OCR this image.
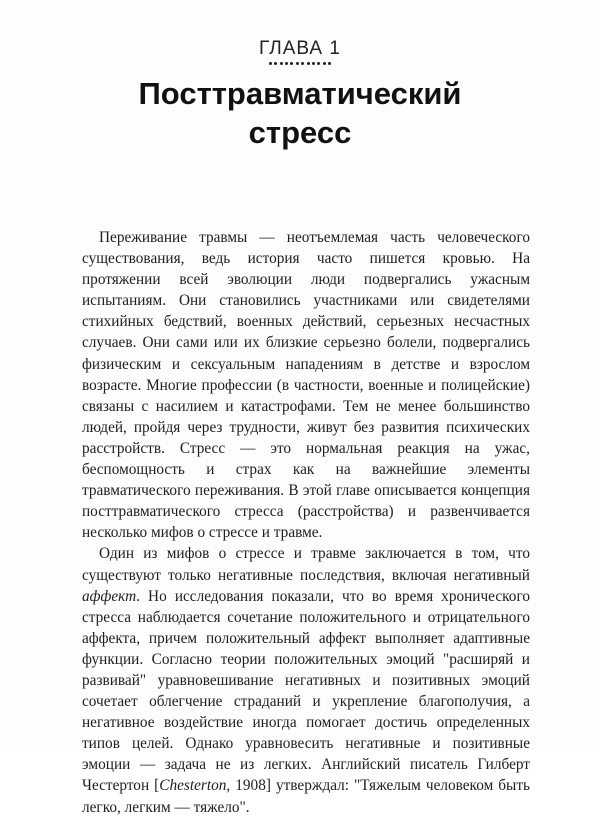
ГЛАВА 1
Посттравматический
стресс

Переживание травмы — неотъемлемая часть человеческого существования, ведь история часто пишется кровью. На протяжении всей эволюции люди подвергались ужасным испытаниям. Они становились участниками или свидетелями стихийных бедствий, военных действий, серьезных несчастных случаев. Они сами или их близкие серьезно болели, подвергались физическим и сексуальным нападениям в детстве и взрослом возрасте. Многие профессии (в частности, военные и полицейские) связаны с насилием и катастрофами. Тем не менее большинство людей, пройдя через трудности, живут без развития психических расстройств. Стресс — это нормальная реакция на ужас, беспомощность и страх как на важнейшие элементы травматического переживания. В этой главе описывается концепция посттравматического стресса (расстройства) и развенчивается несколько мифов о стрессе и травме.

Один из мифов о стрессе и травме заключается в том, что существуют только негативные последствия, включая негативный аффект. Но исследования показали, что во время хронического стресса наблюдается сочетание положительного и отрицательного аффекта, причем положительный аффект выполняет адаптивные функции. Согласно теории положительных эмоций "расширяй и развивай" уравновешивание негативных и позитивных эмоций сочетает облегчение страданий и укрепление благополучия, а негативное воздействие иногда помогает достичь определенных типов целей. Однако уравновесить негативные и позитивные эмоции — задача не из легких. Английский писатель Гилберт Честертон [Chesterton, 1908] утверждал: "Тяжелым человеком быть легко, легким — тяжело".
